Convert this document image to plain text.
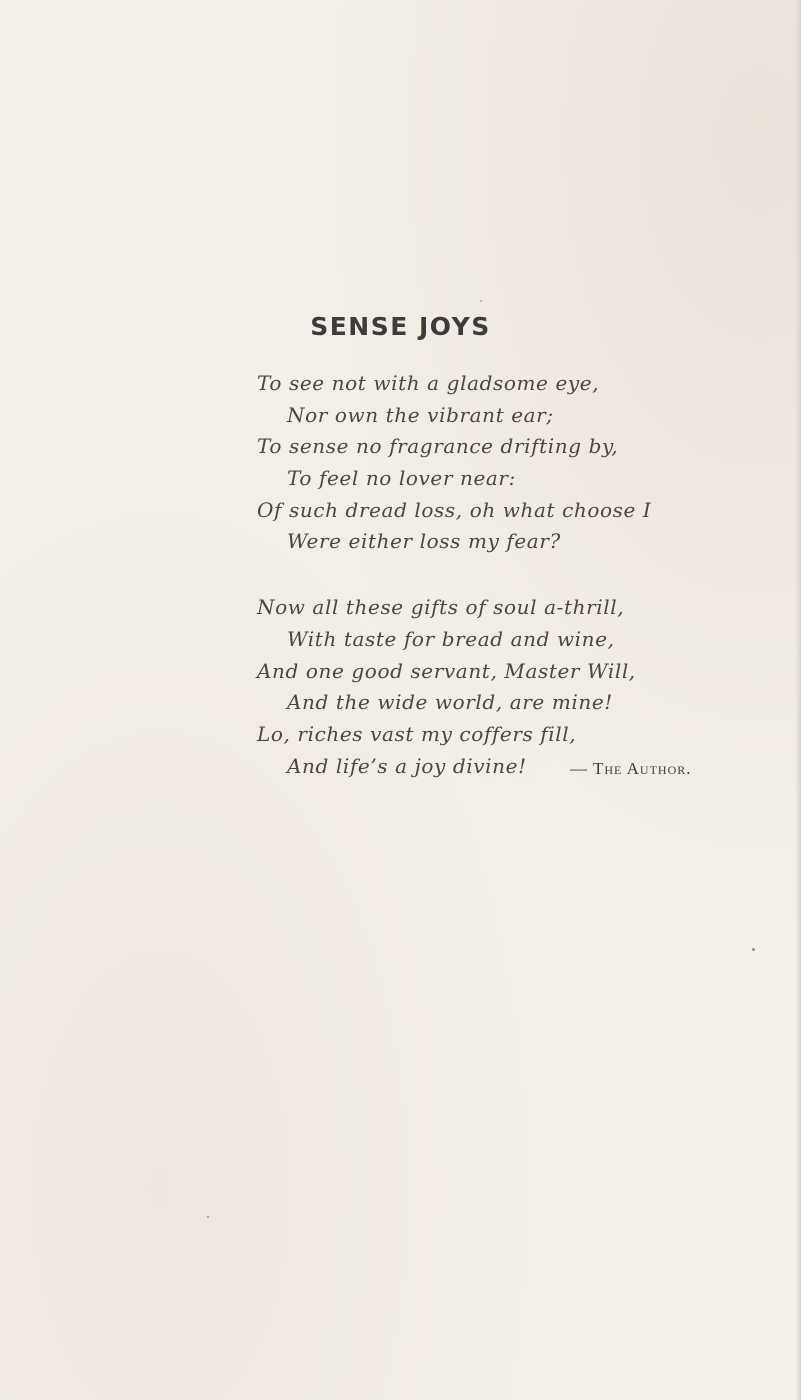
SENSE JOYS
To see not with a gladsome eye,
Nor own the vibrant ear;
To sense no fragrance drifting by,
To feel no lover near:
Of such dread loss, oh what choose I
Were either loss my fear?
Now all these gifts of soul a-thrill,
With taste for bread and wine,
And one good servant, Master Will,
And the wide world, are mine!
Lo, riches vast my coffers fill,
And life’s a joy divine!	— The Author.
